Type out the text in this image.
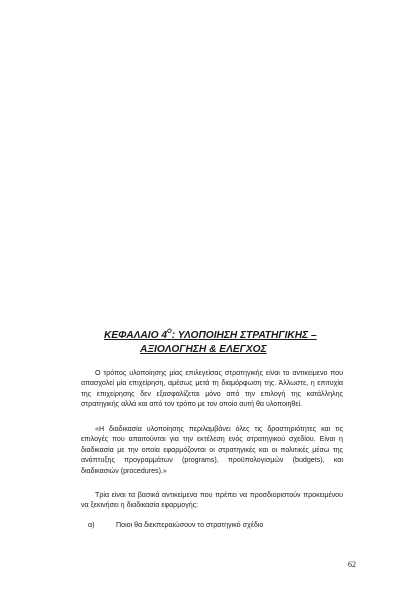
ΚΕΦΑΛΑΙΟ $4^O$: ΥΛΟΠΟΙΗΣΗ ΣΤΡΑΤΗΓΙΚΗΣ –
ΑΞΙΟΛΟΓΗΣΗ & ΕΛΕΓΧΟΣ

Ο τρόπος υλοποίησης μίας επιλεγείσας στρατηγικής είναι το αντικείμενο που απασχολεί μία επιχείρηση, αμέσως μετά τη διαμόρφωση της. Άλλωστε, η επιτυχία της επιχείρησης δεν εξασφαλίζεται μόνο από την επιλογή της κατάλληλης στρατηγικής αλλά και από τον τρόπο με τον οποίο αυτή θα υλοποιηθεί.

«Η διαδικασία υλοποίησης περιλαμβάνει όλες τις δραστηριότητες και τις επιλογές που απαιτούνται για την εκτέλεση ενός στρατηγικού σχεδίου. Είναι η διαδικασία με την οποία εφαρμόζονται οι στρατηγικές και οι πολιτικές μέσω της ανάπτυξης προγραμμάτων (programs), προϋπολογισμών (budgets), και διαδικασιών (procedures).»

Τρία είναι τα βασικά αντικείμενα που πρέπει να προσδιοριστούν προκειμένου να ξεκινήσει η διαδικασία εφαρμογής:

α)	Ποιοι θα διεκπεραιώσουν το στρατηγικό σχέδιο

62
